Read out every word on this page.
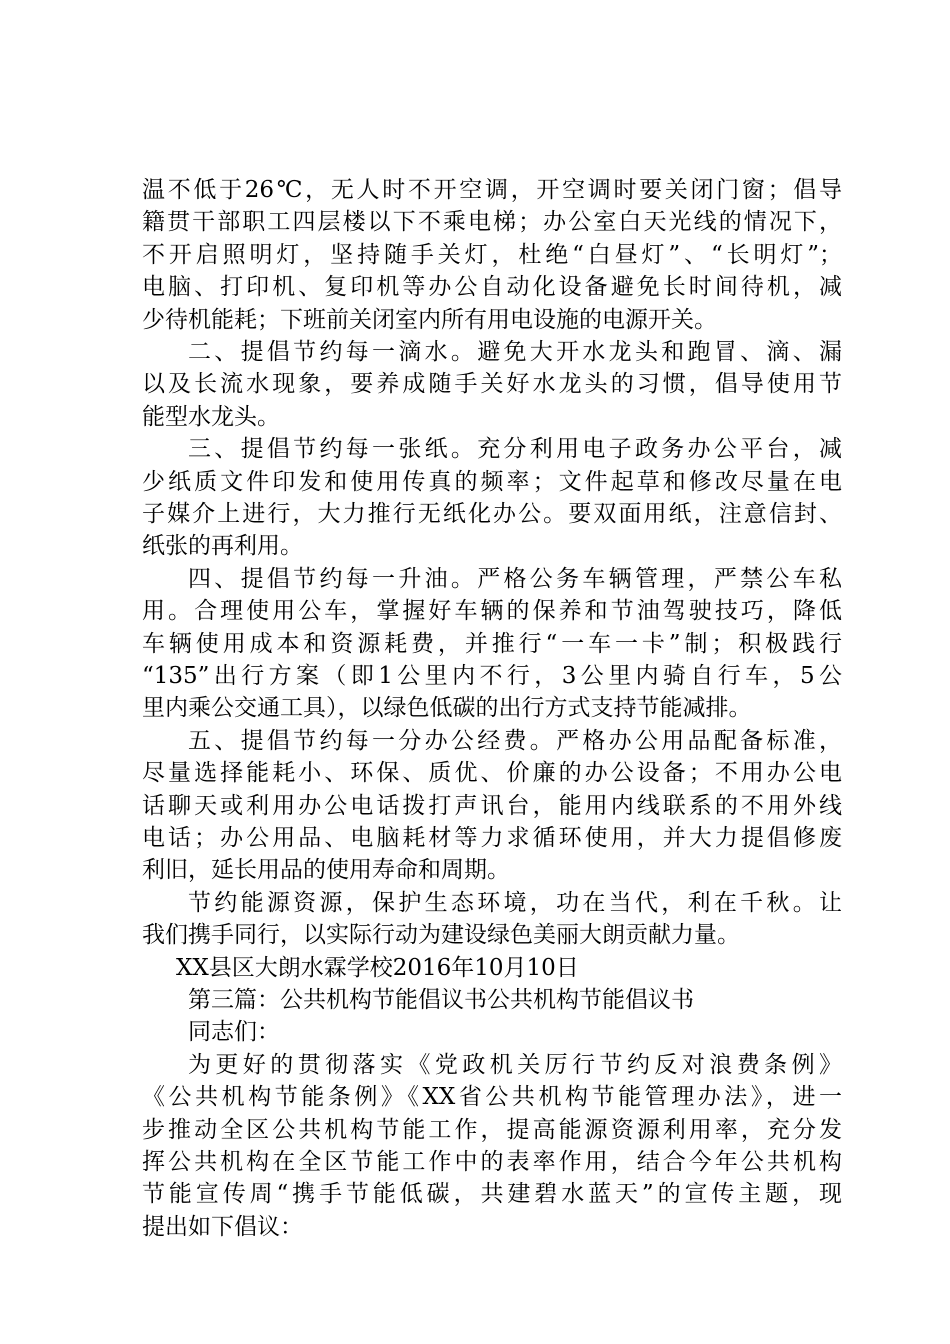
温不低于26℃，无人时不开空调，开空调时要关闭门窗；倡导
籍贯干部职工四层楼以下不乘电梯；办公室白天光线的情况下，
不开启照明灯，坚持随手关灯，杜绝“白昼灯”、“长明灯”；
电脑、打印机、复印机等办公自动化设备避免长时间待机，减
少待机能耗；下班前关闭室内所有用电设施的电源开关。
二、提倡节约每一滴水。避免大开水龙头和跑冒、滴、漏
以及长流水现象，要养成随手关好水龙头的习惯，倡导使用节
能型水龙头。
三、提倡节约每一张纸。充分利用电子政务办公平台，减
少纸质文件印发和使用传真的频率；文件起草和修改尽量在电
子媒介上进行，大力推行无纸化办公。要双面用纸，注意信封、
纸张的再利用。
四、提倡节约每一升油。严格公务车辆管理，严禁公车私
用。合理使用公车，掌握好车辆的保养和节油驾驶技巧，降低
车辆使用成本和资源耗费，并推行“一车一卡”制；积极践行
“135”出行方案（即1公里内不行，3公里内骑自行车，5公
里内乘公交通工具），以绿色低碳的出行方式支持节能减排。
五、提倡节约每一分办公经费。严格办公用品配备标准，
尽量选择能耗小、环保、质优、价廉的办公设备；不用办公电
话聊天或利用办公电话拨打声讯台，能用内线联系的不用外线
电话；办公用品、电脑耗材等力求循环使用，并大力提倡修废
利旧，延长用品的使用寿命和周期。
节约能源资源，保护生态环境，功在当代，利在千秋。让
我们携手同行，以实际行动为建设绿色美丽大朗贡献力量。
XX县区大朗水霖学校2016年10月10日
第三篇：公共机构节能倡议书公共机构节能倡议书
同志们：
为更好的贯彻落实《党政机关厉行节约反对浪费条例》
《公共机构节能条例》《XX省公共机构节能管理办法》，进一
步推动全区公共机构节能工作，提高能源资源利用率，充分发
挥公共机构在全区节能工作中的表率作用，结合今年公共机构
节能宣传周“携手节能低碳，共建碧水蓝天”的宣传主题，现
提出如下倡议：
